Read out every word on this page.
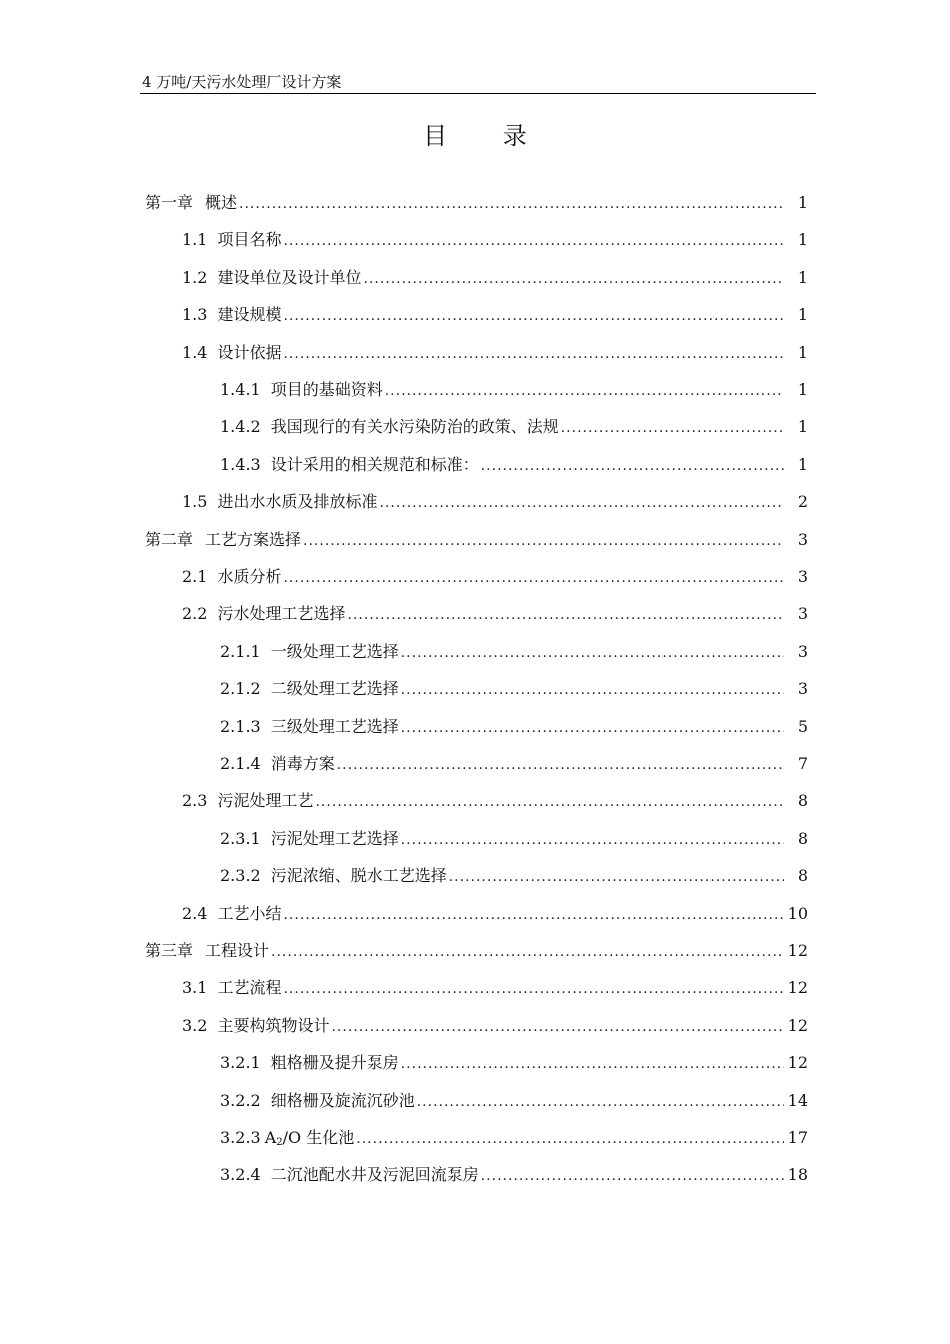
4 万吨/天污水处理厂设计方案
目 录
第一章 概述 .....	1
1.1 项目名称 .....	1
1.2 建设单位及设计单位 .....	1
1.3 建设规模 .....	1
1.4 设计依据 .....	1
1.4.1 项目的基础资料 .....	1
1.4.2 我国现行的有关水污染防治的政策、法规 .....	1
1.4.3 设计采用的相关规范和标准： .....	1
1.5 进出水水质及排放标准 .....	2
第二章 工艺方案选择 .....	3
2.1 水质分析 .....	3
2.2 污水处理工艺选择 .....	3
2.1.1 一级处理工艺选择 .....	3
2.1.2 二级处理工艺选择 .....	3
2.1.3 三级处理工艺选择 .....	5
2.1.4 消毒方案 .....	7
2.3 污泥处理工艺 .....	8
2.3.1 污泥处理工艺选择 .....	8
2.3.2 污泥浓缩、脱水工艺选择 .....	8
2.4 工艺小结 .....	10
第三章 工程设计 .....	12
3.1 工艺流程 .....	12
3.2 主要构筑物设计 .....	12
3.2.1 粗格栅及提升泵房 .....	12
3.2.2 细格栅及旋流沉砂池 .....	14
3.2.3 $A_2/O$ 生化池 .....	17
3.2.4 二沉池配水井及污泥回流泵房 .....	18
